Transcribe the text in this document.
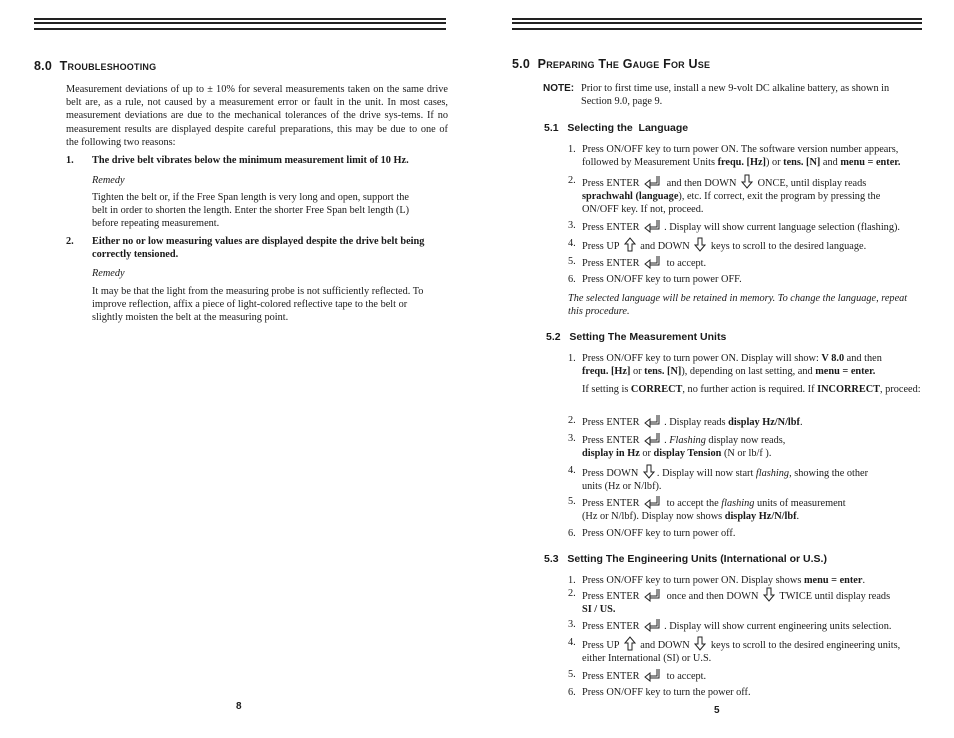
8.0 Troubleshooting
Measurement deviations of up to ± 10% for several measurements taken on the same drive belt are, as a rule, not caused by a measurement error or fault in the unit. In most cases, measurement deviations are due to the mechanical tolerances of the drive sys-tems. If no measurement results are displayed despite careful preparations, this may be due to one of the following two reasons:
1. The drive belt vibrates below the minimum measurement limit of 10 Hz.
Remedy
Tighten the belt or, if the Free Span length is very long and open, support the belt in order to shorten the length. Enter the shorter Free Span belt length (L) before repeating measurement.
2. Either no or low measuring values are displayed despite the drive belt being correctly tensioned.
Remedy
It may be that the light from the measuring probe is not sufficiently reflected. To improve reflection, affix a piece of light-colored reflective tape to the belt or slightly moisten the belt at the measuring point.
8
5.0 Preparing The Gauge For Use
NOTE: Prior to first time use, install a new 9-volt DC alkaline battery, as shown in Section 9.0, page 9.
5.1   Selecting the  Language
1. Press ON/OFF key to turn power ON. The software version number appears, followed by Measurement Units frequ. [Hz]) or tens. [N] and menu = enter.
2. Press ENTER  and then DOWN  ONCE, until display reads
sprachwahl (language), etc. If correct, exit the program by pressing the ON/OFF key. If not, proceed.
3. Press ENTER . Display will show current language selection (flashing).
4. Press UP  and DOWN  keys to scroll to the desired language.
5. Press ENTER  to accept.
6. Press ON/OFF key to turn power OFF.
The selected language will be retained in memory. To change the language, repeat this procedure.
5.2   Setting The Measurement Units
1. Press ON/OFF key to turn power ON. Display will show: V 8.0 and then
frequ. [Hz] or tens. [N]), depending on last setting, and menu = enter.
If setting is CORRECT, no further action is required. If INCORRECT, proceed:
2. Press ENTER . Display reads display Hz/N/lbf.
3. Press ENTER . Flashing display now reads,
display in Hz or display Tension (N or lb/f ).
4. Press DOWN . Display will now start flashing, showing the other units (Hz or N/lbf).
5. Press ENTER  to accept the flashing units of measurement
(Hz or N/lbf). Display now shows display Hz/N/lbf.
6. Press ON/OFF key to turn power off.
5.3   Setting The Engineering Units (International or U.S.)
1. Press ON/OFF key to turn power ON. Display shows menu = enter.
2. Press ENTER  once and then DOWN  TWICE until display reads
SI / US.
3. Press ENTER . Display will show current engineering units selection.
4. Press UP  and DOWN  keys to scroll to the desired engineering units,
either International (SI) or U.S.
5. Press ENTER  to accept.
6. Press ON/OFF key to turn the power off.
5
